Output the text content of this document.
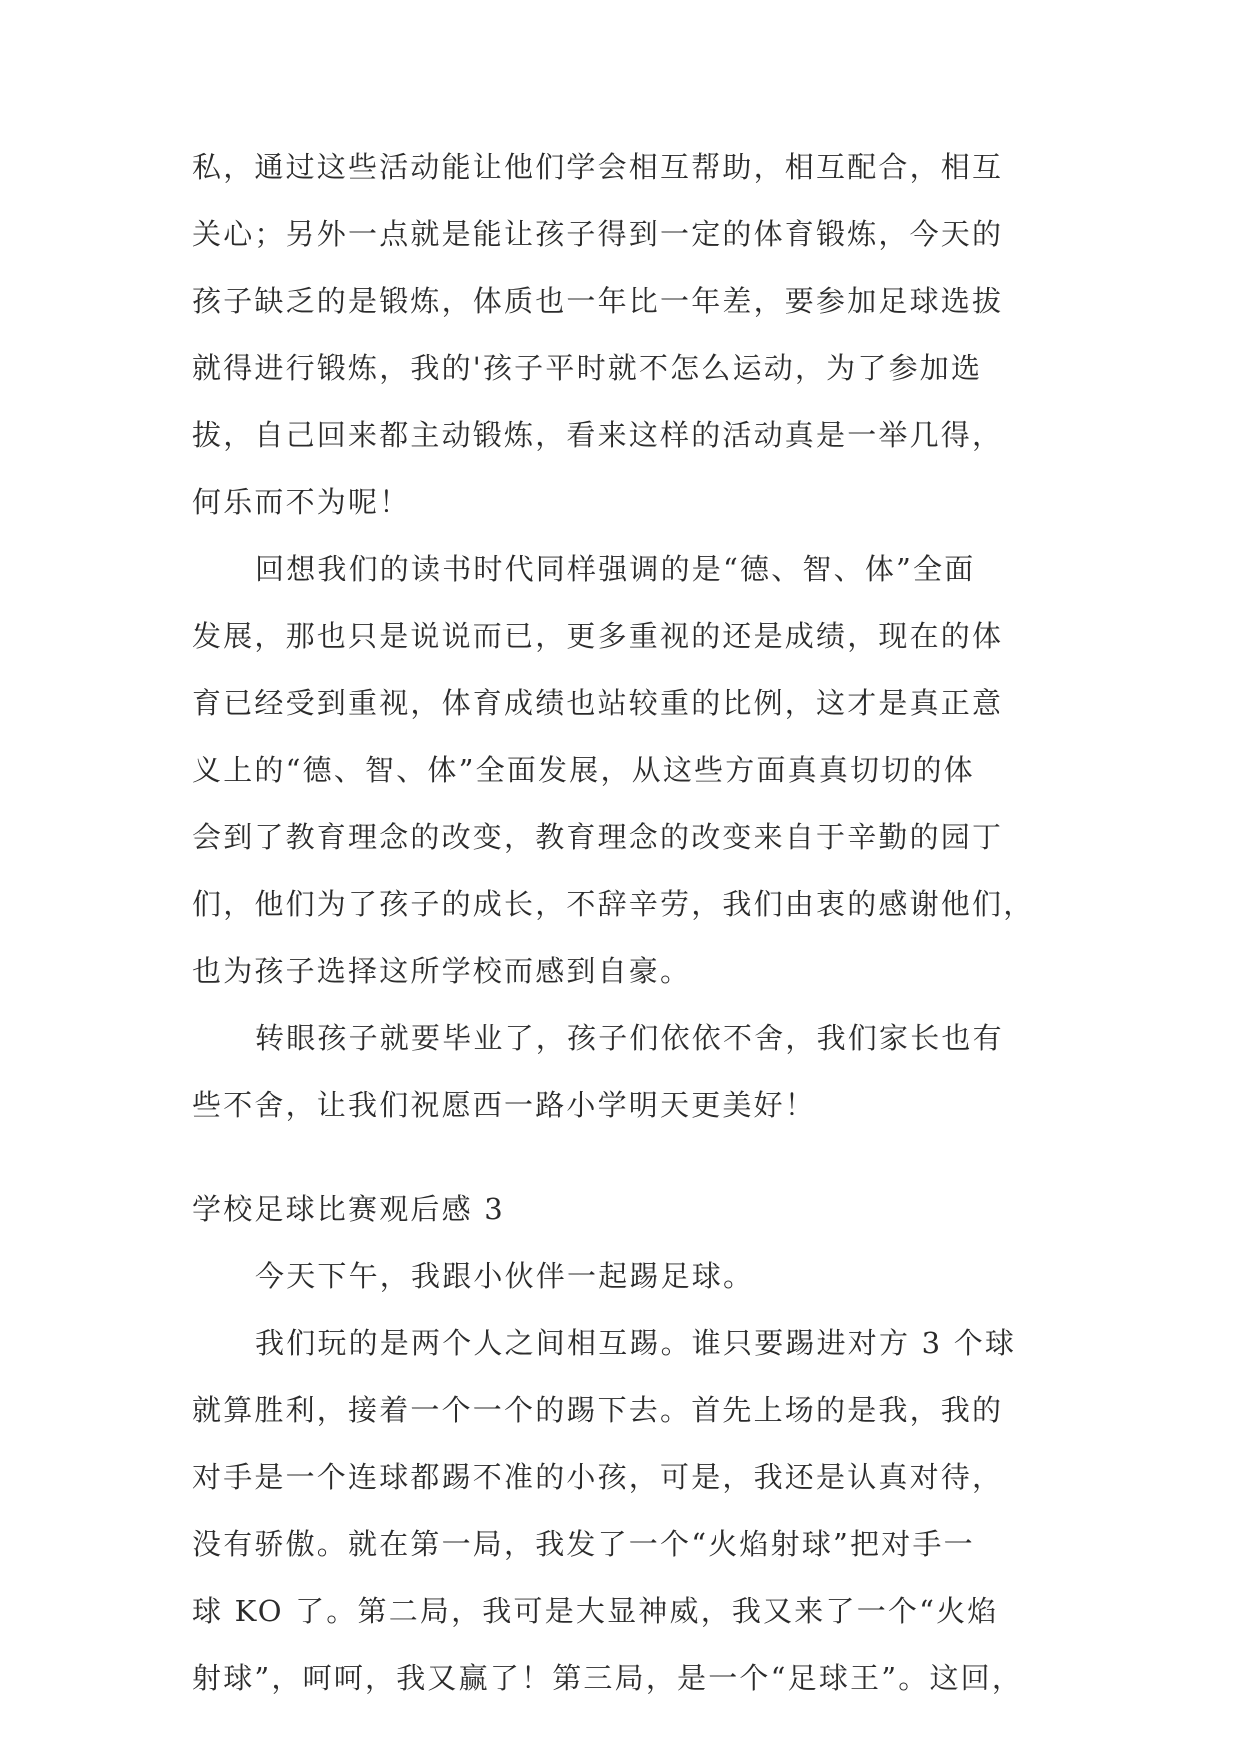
私，通过这些活动能让他们学会相互帮助，相互配合，相互
关心；另外一点就是能让孩子得到一定的体育锻炼，今天的
孩子缺乏的是锻炼，体质也一年比一年差，要参加足球选拔
就得进行锻炼，我的'孩子平时就不怎么运动，为了参加选
拔，自己回来都主动锻炼，看来这样的活动真是一举几得，
何乐而不为呢！
回想我们的读书时代同样强调的是“德、智、体”全面
发展，那也只是说说而已，更多重视的还是成绩，现在的体
育已经受到重视，体育成绩也站较重的比例，这才是真正意
义上的“德、智、体”全面发展，从这些方面真真切切的体
会到了教育理念的改变，教育理念的改变来自于辛勤的园丁
们，他们为了孩子的成长，不辞辛劳，我们由衷的感谢他们，
也为孩子选择这所学校而感到自豪。
转眼孩子就要毕业了，孩子们依依不舍，我们家长也有
些不舍，让我们祝愿西一路小学明天更美好！
学校足球比赛观后感 3
今天下午，我跟小伙伴一起踢足球。
我们玩的是两个人之间相互踢。谁只要踢进对方 3 个球
就算胜利，接着一个一个的踢下去。首先上场的是我，我的
对手是一个连球都踢不准的小孩，可是，我还是认真对待，
没有骄傲。就在第一局，我发了一个“火焰射球”把对手一
球 KO 了。第二局，我可是大显神威，我又来了一个“火焰
射球”，呵呵，我又赢了！第三局，是一个“足球王”。这回，
